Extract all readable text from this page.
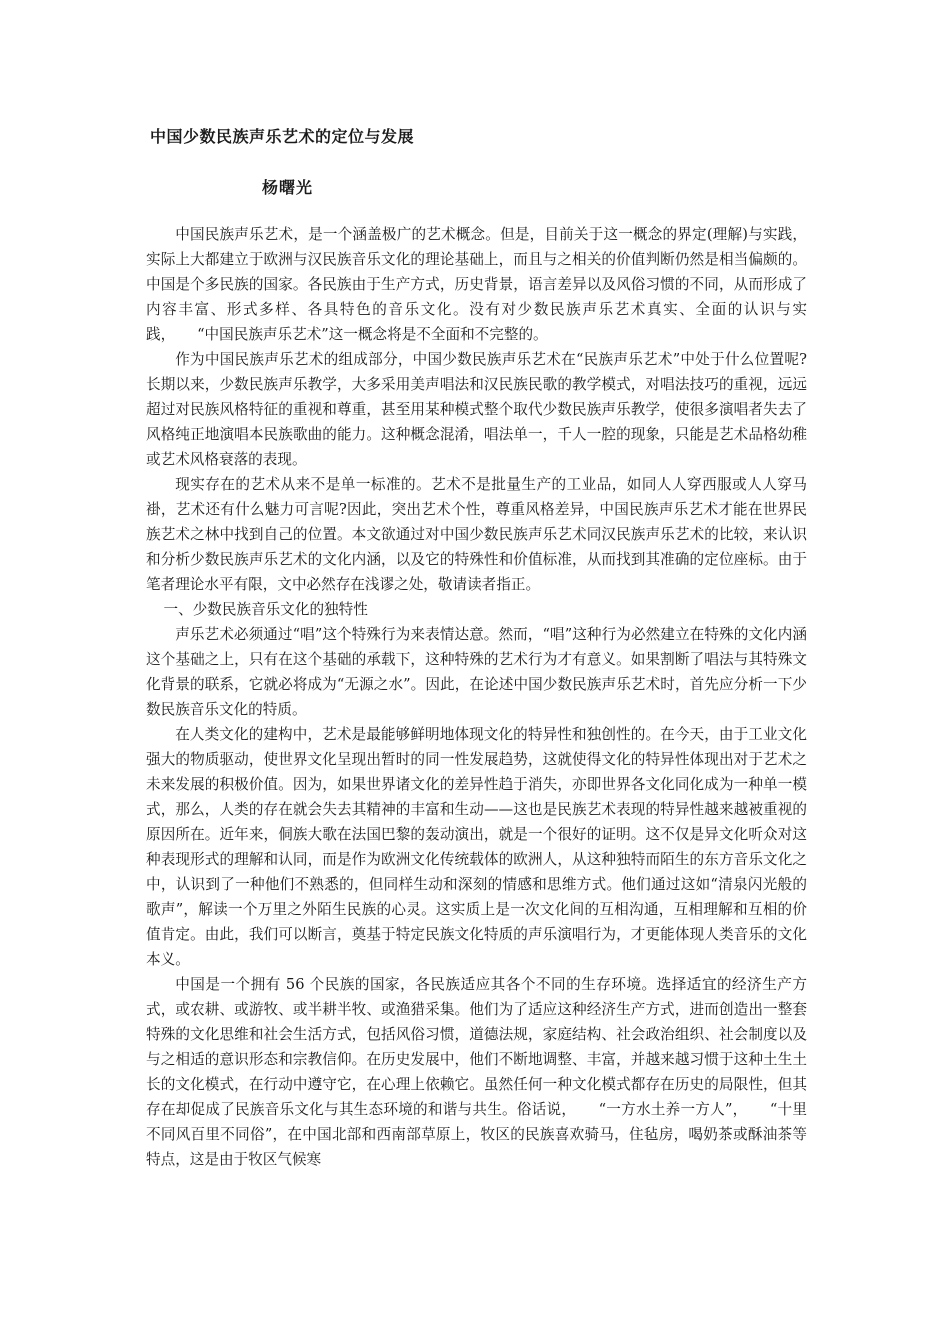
中国少数民族声乐艺术的定位与发展
杨曙光

中国民族声乐艺术，是一个涵盖极广的艺术概念。但是，目前关于这一概念的界定(理解)与实践，实际上大都建立于欧洲与汉民族音乐文化的理论基础上，而且与之相关的价值判断仍然是相当偏颇的。中国是个多民族的国家。各民族由于生产方式，历史背景，语言差异以及风俗习惯的不同，从而形成了内容丰富、形式多样、各具特色的音乐文化。没有对少数民族声乐艺术真实、全面的认识与实践，　　“中国民族声乐艺术”这一概念将是不全面和不完整的。

作为中国民族声乐艺术的组成部分，中国少数民族声乐艺术在“民族声乐艺术”中处于什么位置呢?长期以来，少数民族声乐教学，大多采用美声唱法和汉民族民歌的教学模式，对唱法技巧的重视，远远超过对民族风格特征的重视和尊重，甚至用某种模式整个取代少数民族声乐教学，使很多演唱者失去了风格纯正地演唱本民族歌曲的能力。这种概念混淆，唱法单一，千人一腔的现象，只能是艺术品格幼稚或艺术风格衰落的表现。

现实存在的艺术从来不是单一标准的。艺术不是批量生产的工业品，如同人人穿西服或人人穿马褂，艺术还有什么魅力可言呢?因此，突出艺术个性，尊重风格差异，中国民族声乐艺术才能在世界民族艺术之林中找到自己的位置。本文欲通过对中国少数民族声乐艺术同汉民族声乐艺术的比较，来认识和分析少数民族声乐艺术的文化内涵，以及它的特殊性和价值标准，从而找到其准确的定位座标。由于笔者理论水平有限，文中必然存在浅谬之处，敬请读者指正。

一、少数民族音乐文化的独特性

声乐艺术必须通过“唱”这个特殊行为来表情达意。然而，“唱”这种行为必然建立在特殊的文化内涵这个基础之上，只有在这个基础的承载下，这种特殊的艺术行为才有意义。如果割断了唱法与其特殊文化背景的联系，它就必将成为“无源之水”。因此，在论述中国少数民族声乐艺术时，首先应分析一下少数民族音乐文化的特质。

在人类文化的建构中，艺术是最能够鲜明地体现文化的特异性和独创性的。在今天，由于工业文化强大的物质驱动，使世界文化呈现出暂时的同一性发展趋势，这就使得文化的特异性体现出对于艺术之未来发展的积极价值。因为，如果世界诸文化的差异性趋于消失，亦即世界各文化同化成为一种单一模式，那么，人类的存在就会失去其精神的丰富和生动——这也是民族艺术表现的特异性越来越被重视的原因所在。近年来，侗族大歌在法国巴黎的轰动演出，就是一个很好的证明。这不仅是异文化听众对这种表现形式的理解和认同，而是作为欧洲文化传统载体的欧洲人，从这种独特而陌生的东方音乐文化之中，认识到了一种他们不熟悉的，但同样生动和深刻的情感和思维方式。他们通过这如“清泉闪光般的歌声”，解读一个万里之外陌生民族的心灵。这实质上是一次文化间的互相沟通，互相理解和互相的价值肯定。由此，我们可以断言，奠基于特定民族文化特质的声乐演唱行为，才更能体现人类音乐的文化本义。

中国是一个拥有 56 个民族的国家，各民族适应其各个不同的生存环境。选择适宜的经济生产方式，或农耕、或游牧、或半耕半牧、或渔猎采集。他们为了适应这种经济生产方式，进而创造出一整套特殊的文化思维和社会生活方式，包括风俗习惯，道德法规，家庭结构、社会政治组织、社会制度以及与之相适的意识形态和宗教信仰。在历史发展中，他们不断地调整、丰富，并越来越习惯于这种土生土长的文化模式，在行动中遵守它，在心理上依赖它。虽然任何一种文化模式都存在历史的局限性，但其存在却促成了民族音乐文化与其生态环境的和谐与共生。俗话说，　　“一方水土养一方人”，　　“十里不同风百里不同俗”，在中国北部和西南部草原上，牧区的民族喜欢骑马，住毡房，喝奶茶或酥油茶等特点，这是由于牧区气候寒
